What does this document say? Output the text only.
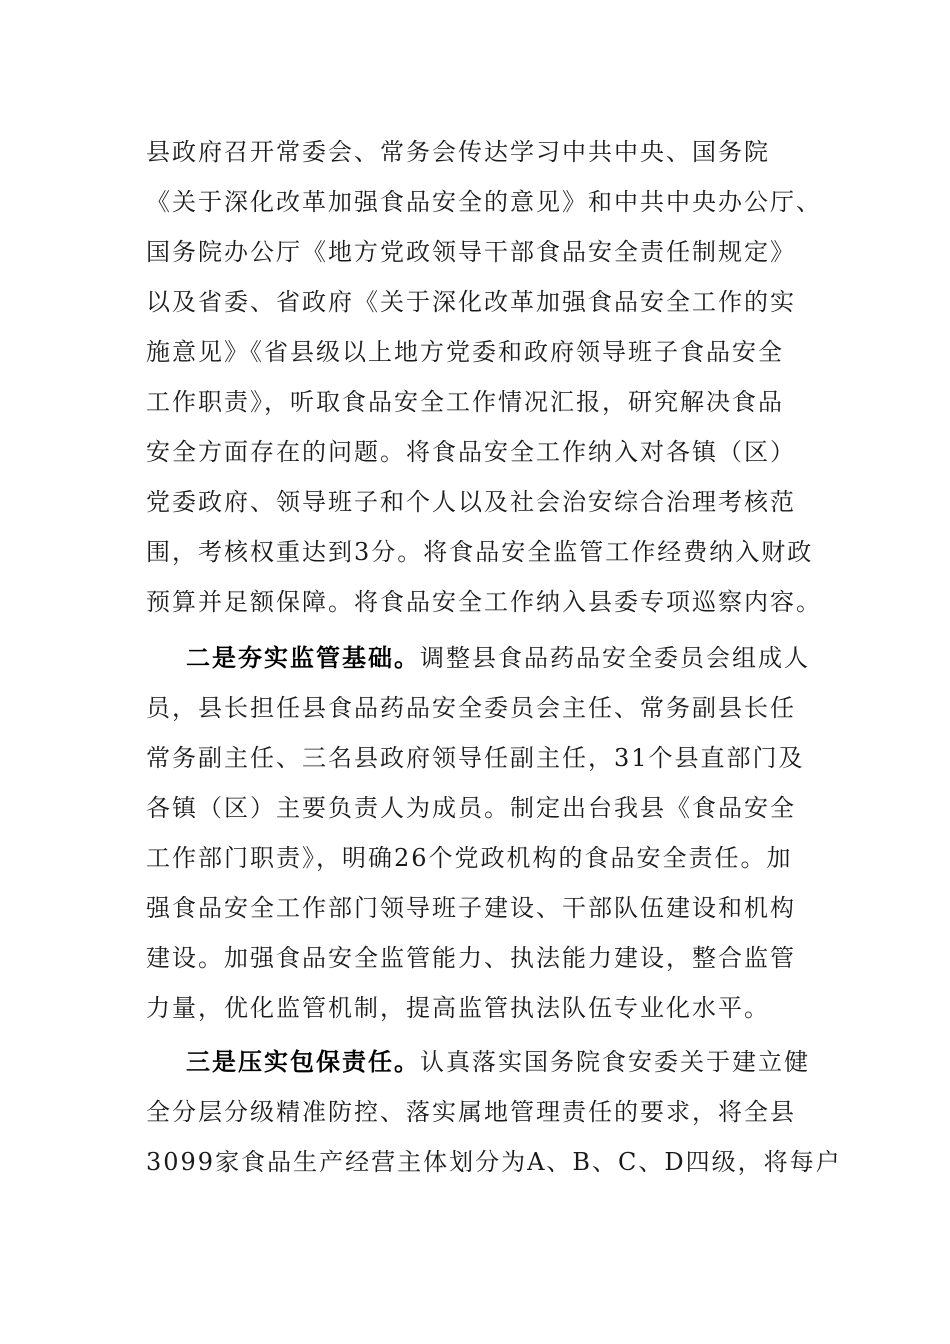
县政府召开常委会、常务会传达学习中共中央、国务院
《关于深化改革加强食品安全的意见》和中共中央办公厅、
国务院办公厅《地方党政领导干部食品安全责任制规定》
以及省委、省政府《关于深化改革加强食品安全工作的实
施意见》《省县级以上地方党委和政府领导班子食品安全
工作职责》，听取食品安全工作情况汇报，研究解决食品
安全方面存在的问题。将食品安全工作纳入对各镇（区）
党委政府、领导班子和个人以及社会治安综合治理考核范
围，考核权重达到3分。将食品安全监管工作经费纳入财政
预算并足额保障。将食品安全工作纳入县委专项巡察内容。
二是夯实监管基础。调整县食品药品安全委员会组成人
员，县长担任县食品药品安全委员会主任、常务副县长任
常务副主任、三名县政府领导任副主任，31个县直部门及
各镇（区）主要负责人为成员。制定出台我县《食品安全
工作部门职责》，明确26个党政机构的食品安全责任。加
强食品安全工作部门领导班子建设、干部队伍建设和机构
建设。加强食品安全监管能力、执法能力建设，整合监管
力量，优化监管机制，提高监管执法队伍专业化水平。
三是压实包保责任。认真落实国务院食安委关于建立健
全分层分级精准防控、落实属地管理责任的要求，将全县
3099家食品生产经营主体划分为A、B、C、D四级，将每户
